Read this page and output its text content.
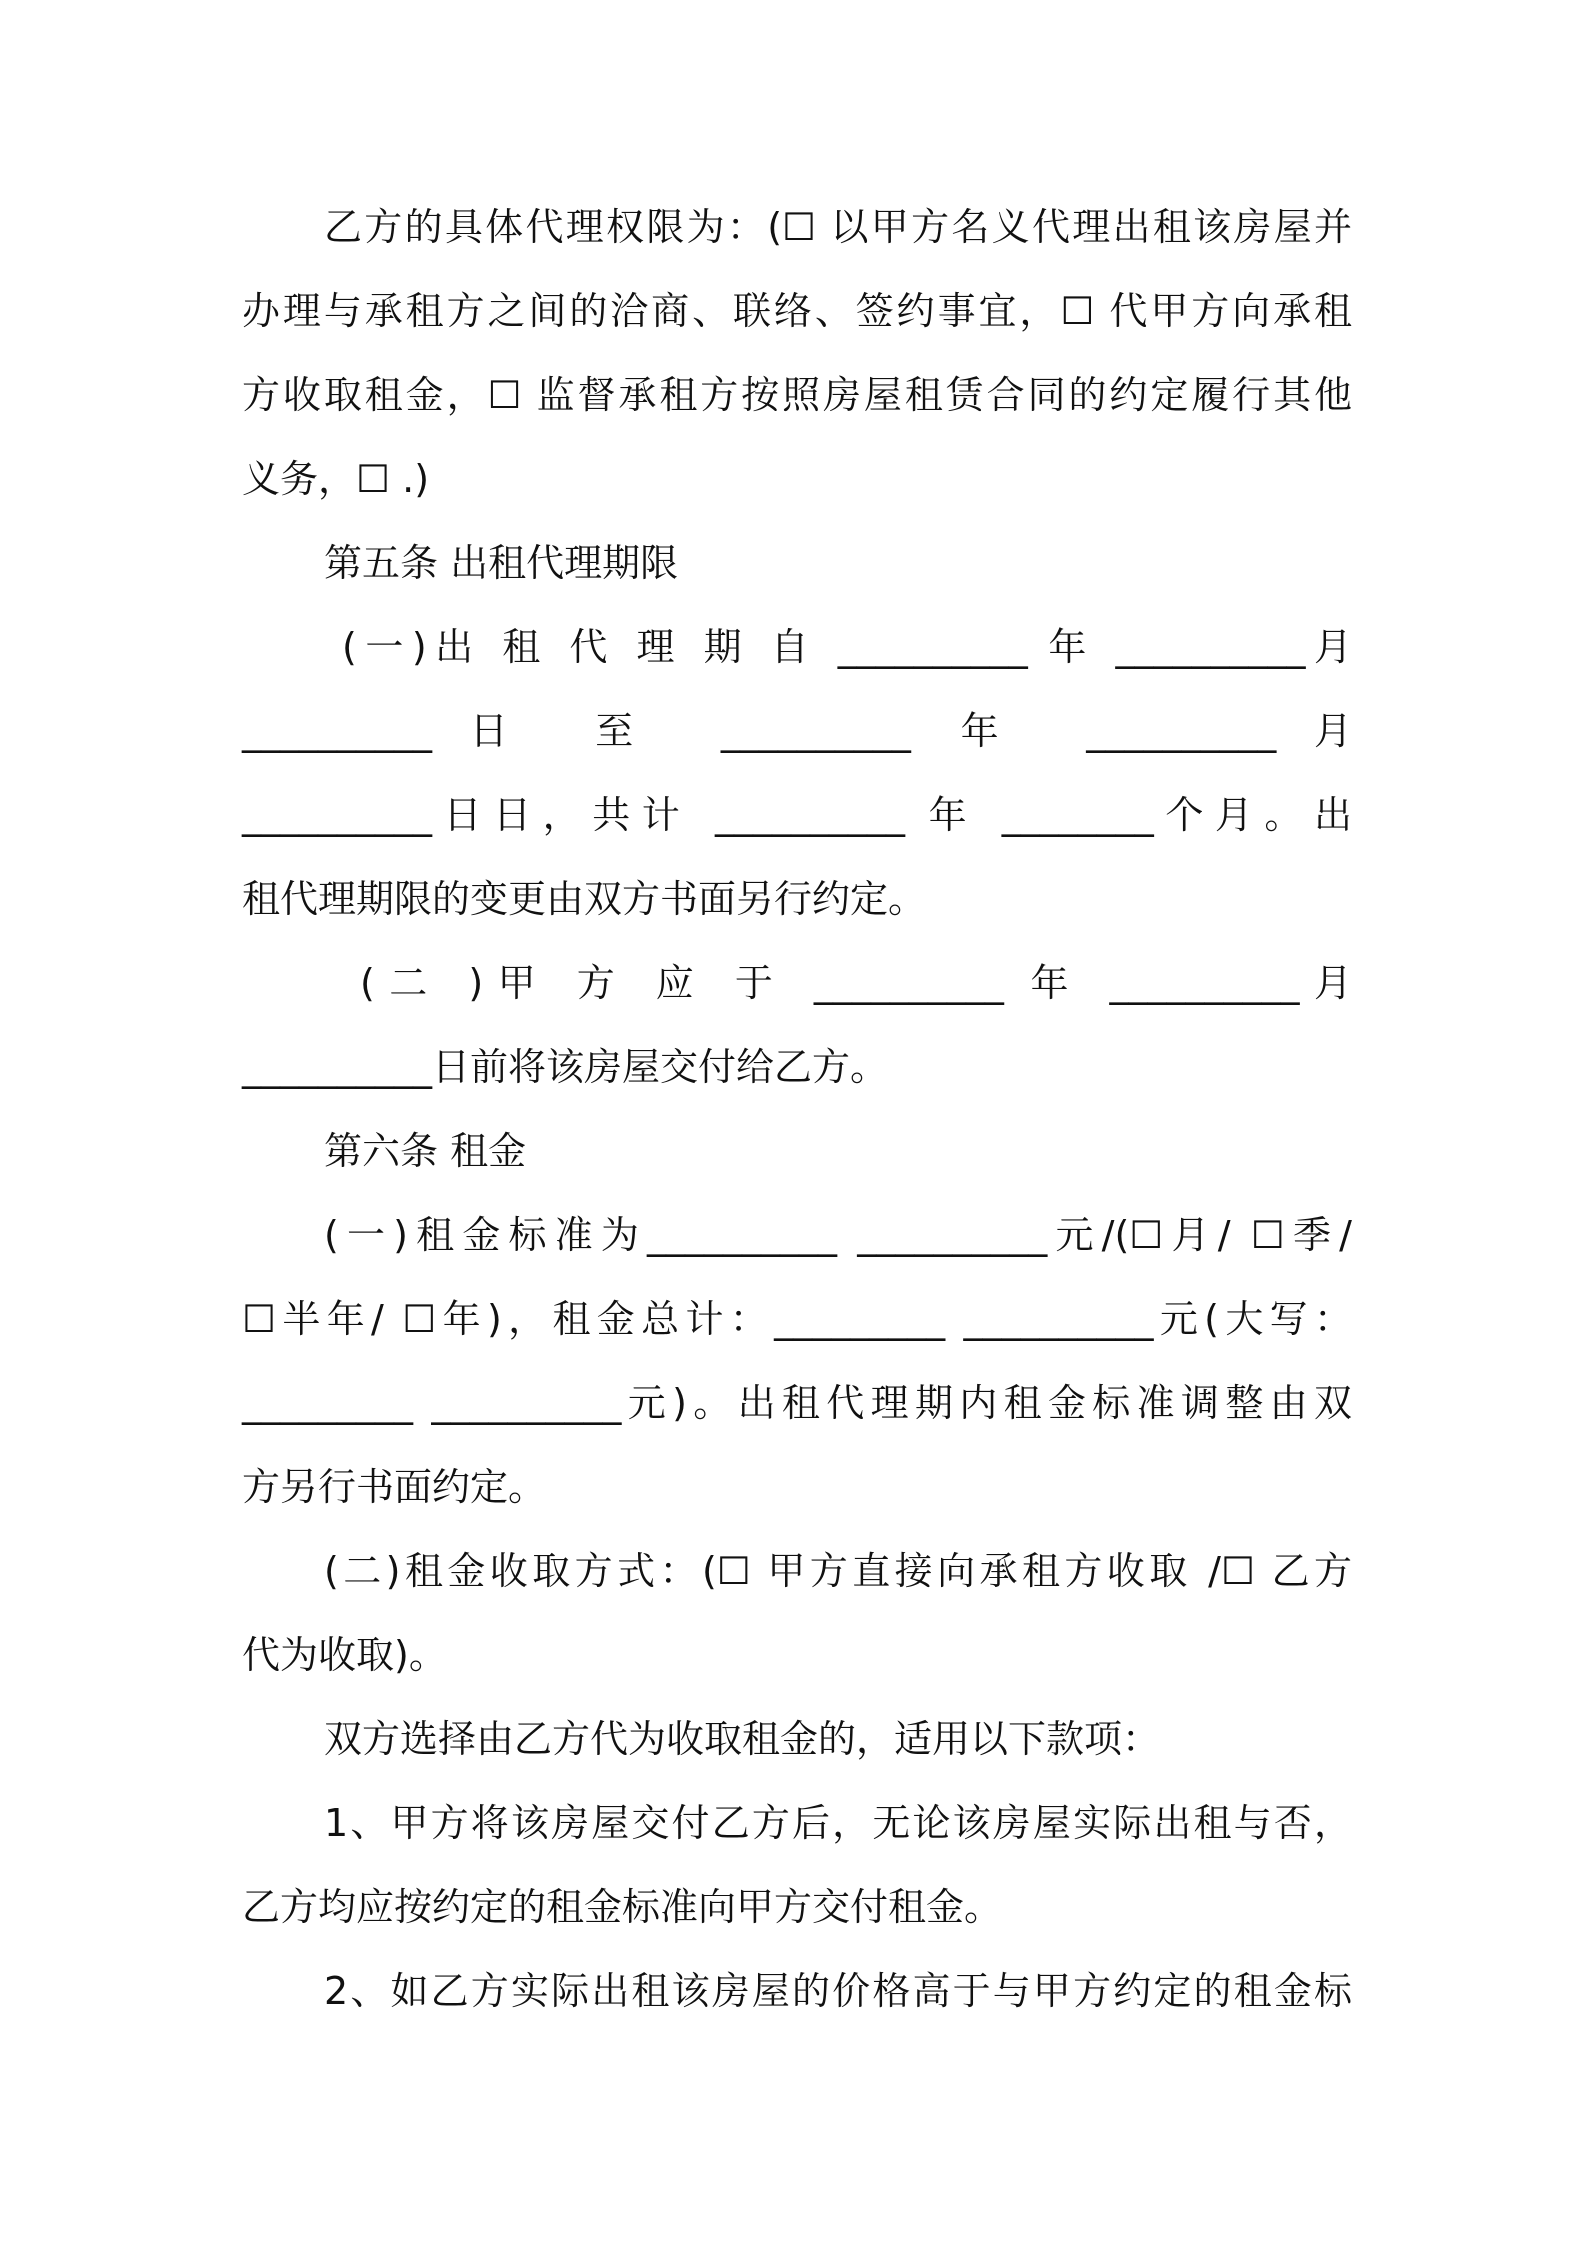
乙方的具体代理权限为：(☐ 以甲方名义代理出租该房屋并

办理与承租方之间的洽商、联络、签约事宜，☐ 代甲方向承租

方收取租金，☐ 监督承租方按照房屋租赁合同的约定履行其他

义务，☐ .)

第五条 出租代理期限

(一)出 租 代 理 期 自 __________ 年 __________月

__________日 至 __________ 年 __________月

__________日日，共计 __________ 年 ________个月。出

租代理期限的变更由双方书面另行约定。

(二 )甲 方 应 于 __________ 年 __________月

__________日前将该房屋交付给乙方。

第六条 租金

(一)租金标准为__________ __________元/(☐月/ ☐季/

☐半年/ ☐年)，租金总计：_________ __________元(大写：

_________ __________元)。出租代理期内租金标准调整由双

方另行书面约定。

(二)租金收取方式：(☐ 甲方直接向承租方收取 /☐ 乙方

代为收取)。

双方选择由乙方代为收取租金的，适用以下款项：

1、甲方将该房屋交付乙方后，无论该房屋实际出租与否，

乙方均应按约定的租金标准向甲方交付租金。

2、如乙方实际出租该房屋的价格高于与甲方约定的租金标
